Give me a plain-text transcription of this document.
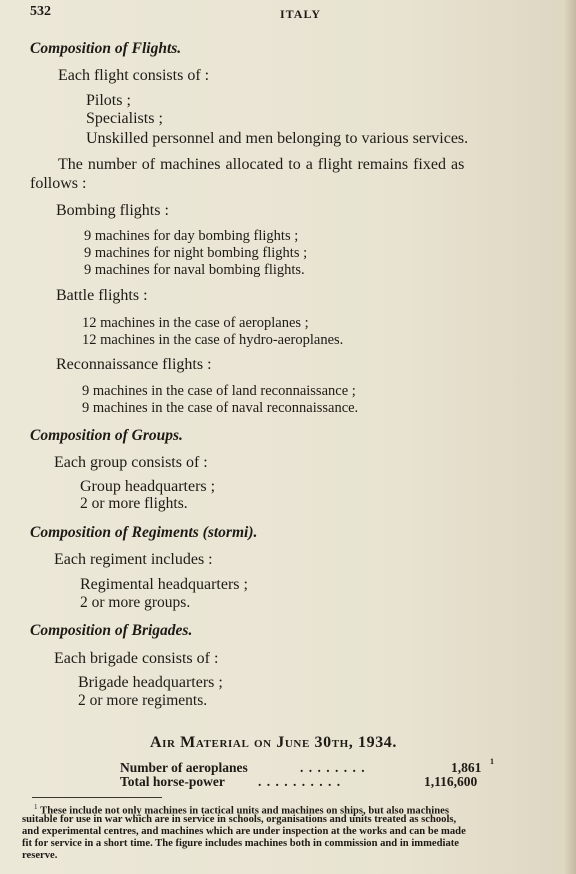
532	ITALY
Composition of Flights.
Each flight consists of :
Pilots ;
Specialists ;
Unskilled personnel and men belonging to various services.
The number of machines allocated to a flight remains fixed as
follows :
Bombing flights :
9 machines for day bombing flights ;
9 machines for night bombing flights ;
9 machines for naval bombing flights.
Battle flights :
12 machines in the case of aeroplanes ;
12 machines in the case of hydro-aeroplanes.
Reconnaissance flights :
9 machines in the case of land reconnaissance ;
9 machines in the case of naval reconnaissance.
Composition of Groups.
Each group consists of :
Group headquarters ;
2 or more flights.
Composition of Regiments (stormi).
Each regiment includes :
Regimental headquarters ;
2 or more groups.
Composition of Brigades.
Each brigade consists of :
Brigade headquarters ;
2 or more regiments.
Air Material on June 30th, 1934.
Number of aeroplanes	. . . . . . . .	1,861 1
Total horse-power . . . . . . . . . .	1,116,600
$^1$ These include not only machines in tactical units and machines on ships, but also machines
suitable for use in war which are in service in schools, organisations and units treated as schools,
and experimental centres, and machines which are under inspection at the works and can be made
fit for service in a short time. The figure includes machines both in commission and in immediate
reserve.
